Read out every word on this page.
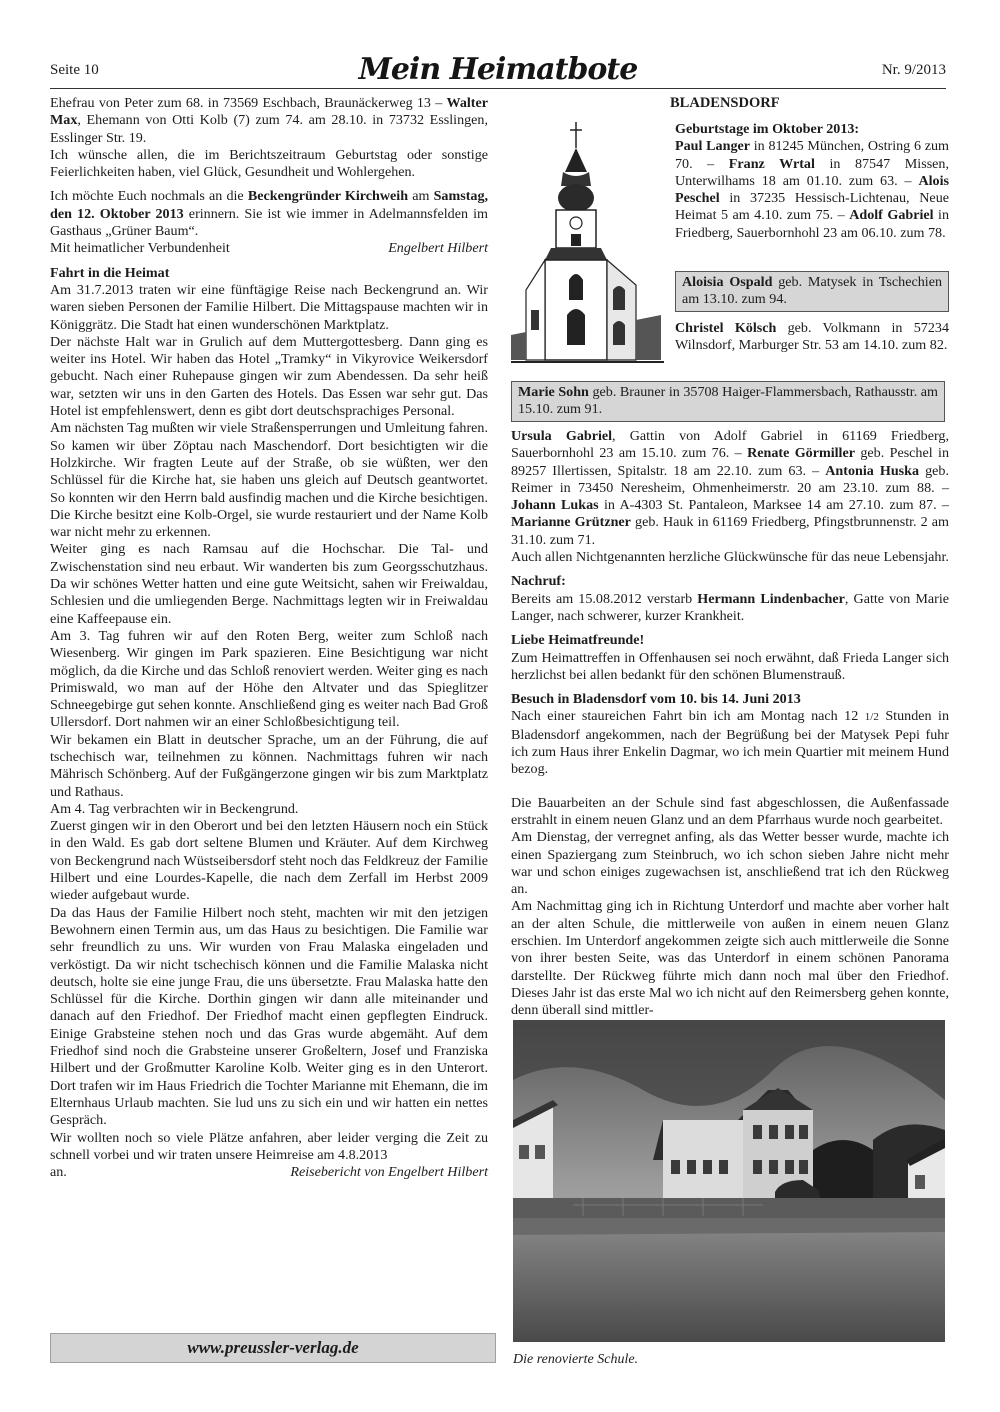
Seite 10	Mein Heimatbote	Nr. 9/2013

Ehefrau von Peter zum 68. in 73569 Eschbach, Braunäckerweg 13 – Walter Max, Ehemann von Otti Kolb (7) zum 74. am 28.10. in 73732 Esslingen, Esslinger Str. 19.

Ich wünsche allen, die im Berichtszeitraum Geburtstag oder sonstige Feierlichkeiten haben, viel Glück, Gesundheit und Wohlergehen.

Ich möchte Euch nochmals an die Beckengründer Kirchweih am Samstag, den 12. Oktober 2013 erinnern. Sie ist wie immer in Adelmannsfelden im Gasthaus „Grüner Baum“.

Mit heimatlicher Verbundenheit	Engelbert Hilbert

Fahrt in die Heimat

Am 31.7.2013 traten wir eine fünftägige Reise nach Beckengrund an. Wir waren sieben Personen der Familie Hilbert. Die Mittagspause machten wir in Königgrätz. Die Stadt hat einen wunderschönen Marktplatz.

Der nächste Halt war in Grulich auf dem Muttergottesberg. Dann ging es weiter ins Hotel. Wir haben das Hotel „Tramky“ in Vikyrovice Weikersdorf gebucht. Nach einer Ruhepause gingen wir zum Abendessen. Da sehr heiß war, setzten wir uns in den Garten des Hotels. Das Essen war sehr gut. Das Hotel ist empfehlenswert, denn es gibt dort deutschsprachiges Personal.

Am nächsten Tag mußten wir viele Straßensperrungen und Umleitung fahren. So kamen wir über Zöptau nach Maschendorf. Dort besichtigten wir die Holzkirche. Wir fragten Leute auf der Straße, ob sie wüßten, wer den Schlüssel für die Kirche hat, sie haben uns gleich auf Deutsch geantwortet. So konnten wir den Herrn bald ausfindig machen und die Kirche besichtigen. Die Kirche besitzt eine Kolb-Orgel, sie wurde restauriert und der Name Kolb war nicht mehr zu erkennen.

Weiter ging es nach Ramsau auf die Hochschar. Die Tal- und Zwischenstation sind neu erbaut. Wir wanderten bis zum Georgsschutzhaus. Da wir schönes Wetter hatten und eine gute Weitsicht, sahen wir Freiwaldau, Schlesien und die umliegenden Berge. Nachmittags legten wir in Freiwaldau eine Kaffeepause ein.

Am 3. Tag fuhren wir auf den Roten Berg, weiter zum Schloß nach Wiesenberg. Wir gingen im Park spazieren. Eine Besichtigung war nicht möglich, da die Kirche und das Schloß renoviert werden. Weiter ging es nach Primiswald, wo man auf der Höhe den Altvater und das Spieglitzer Schneegebirge gut sehen konnte. Anschließend ging es weiter nach Bad Groß Ullersdorf. Dort nahmen wir an einer Schloßbesichtigung teil.

Wir bekamen ein Blatt in deutscher Sprache, um an der Führung, die auf tschechisch war, teilnehmen zu können. Nachmittags fuhren wir nach Mährisch Schönberg. Auf der Fußgängerzone gingen wir bis zum Marktplatz und Rathaus.

Am 4. Tag verbrachten wir in Beckengrund.

Zuerst gingen wir in den Oberort und bei den letzten Häusern noch ein Stück in den Wald. Es gab dort seltene Blumen und Kräuter. Auf dem Kirchweg von Beckengrund nach Wüstseibersdorf steht noch das Feldkreuz der Familie Hilbert und eine Lourdes-Kapelle, die nach dem Zerfall im Herbst 2009 wieder aufgebaut wurde.

Da das Haus der Familie Hilbert noch steht, machten wir mit den jetzigen Bewohnern einen Termin aus, um das Haus zu besichtigen. Die Familie war sehr freundlich zu uns. Wir wurden von Frau Malaska eingeladen und verköstigt. Da wir nicht tschechisch können und die Familie Malaska nicht deutsch, holte sie eine junge Frau, die uns übersetzte. Frau Malaska hatte den Schlüssel für die Kirche. Dorthin gingen wir dann alle miteinander und danach auf den Friedhof. Der Friedhof macht einen gepflegten Eindruck. Einige Grabsteine stehen noch und das Gras wurde abgemäht. Auf dem Friedhof sind noch die Grabsteine unserer Großeltern, Josef und Franziska Hilbert und der Großmutter Karoline Kolb. Weiter ging es in den Unterort. Dort trafen wir im Haus Friedrich die Tochter Marianne mit Ehemann, die im Elternhaus Urlaub machten. Sie lud uns zu sich ein und wir hatten ein nettes Gespräch.

Wir wollten noch so viele Plätze anfahren, aber leider verging die Zeit zu schnell vorbei und wir traten unsere Heimreise am 4.8.2013

an.	Reisebericht von Engelbert Hilbert

www.preussler-verlag.de
BLADENSDORF

Geburtstage im Oktober 2013:

Paul Langer in 81245 München, Ostring 6 zum 70. – Franz Wrtal in 87547 Missen, Unterwilhams 18 am 01.10. zum 63. – Alois Peschel in 37235 Hessisch-Lichtenau, Neue Heimat 5 am 4.10. zum 75. – Adolf Gabriel in Friedberg, Sauerbornhohl 23 am 06.10. zum 78.

Aloisia Ospald geb. Matysek in Tschechien am 13.10. zum 94.

Christel Kölsch geb. Volkmann in 57234 Wilnsdorf, Marburger Str. 53 am 14.10. zum 82.

Marie Sohn geb. Brauner in 35708 Haiger-Flammersbach, Rathausstr. am 15.10. zum 91.

Ursula Gabriel, Gattin von Adolf Gabriel in 61169 Friedberg, Sauerbornhohl 23 am 15.10. zum 76. – Renate Görmiller geb. Peschel in 89257 Illertissen, Spitalstr. 18 am 22.10. zum 63. – Antonia Huska geb. Reimer in 73450 Neresheim, Ohmenheimerstr. 20 am 23.10. zum 88. – Johann Lukas in A-4303 St. Pantaleon, Marksee 14 am 27.10. zum 87. – Marianne Grützner geb. Hauk in 61169 Friedberg, Pfingstbrunnenstr. 2 am 31.10. zum 71.

Auch allen Nichtgenannten herzliche Glückwünsche für das neue Lebensjahr.

Nachruf:

Bereits am 15.08.2012 verstarb Hermann Lindenbacher, Gatte von Marie Langer, nach schwerer, kurzer Krankheit.

Liebe Heimatfreunde!

Zum Heimattreffen in Offenhausen sei noch erwähnt, daß Frieda Langer sich herzlichst bei allen bedankt für den schönen Blumenstrauß.

Besuch in Bladensdorf vom 10. bis 14. Juni 2013

Nach einer staureichen Fahrt bin ich am Montag nach 12 1/2 Stunden in Bladensdorf angekommen, nach der Begrüßung bei der Matysek Pepi fuhr ich zum Haus ihrer Enkelin Dagmar, wo ich mein Quartier mit meinem Hund bezog.

Die Bauarbeiten an der Schule sind fast abgeschlossen, die Außenfassade erstrahlt in einem neuen Glanz und an dem Pfarrhaus wurde noch gearbeitet.

Am Dienstag, der verregnet anfing, als das Wetter besser wurde, machte ich einen Spaziergang zum Steinbruch, wo ich schon sieben Jahre nicht mehr war und schon einiges zugewachsen ist, anschließend trat ich den Rückweg an.

Am Nachmittag ging ich in Richtung Unterdorf und machte aber vorher halt an der alten Schule, die mittlerweile von außen in einem neuen Glanz erschien. Im Unterdorf angekommen zeigte sich auch mittlerweile die Sonne von ihrer besten Seite, was das Unterdorf in einem schönen Panorama darstellte. Der Rückweg führte mich dann noch mal über den Friedhof. Dieses Jahr ist das erste Mal wo ich nicht auf den Reimersberg gehen konnte, denn überall sind mittler-

Die renovierte Schule.
